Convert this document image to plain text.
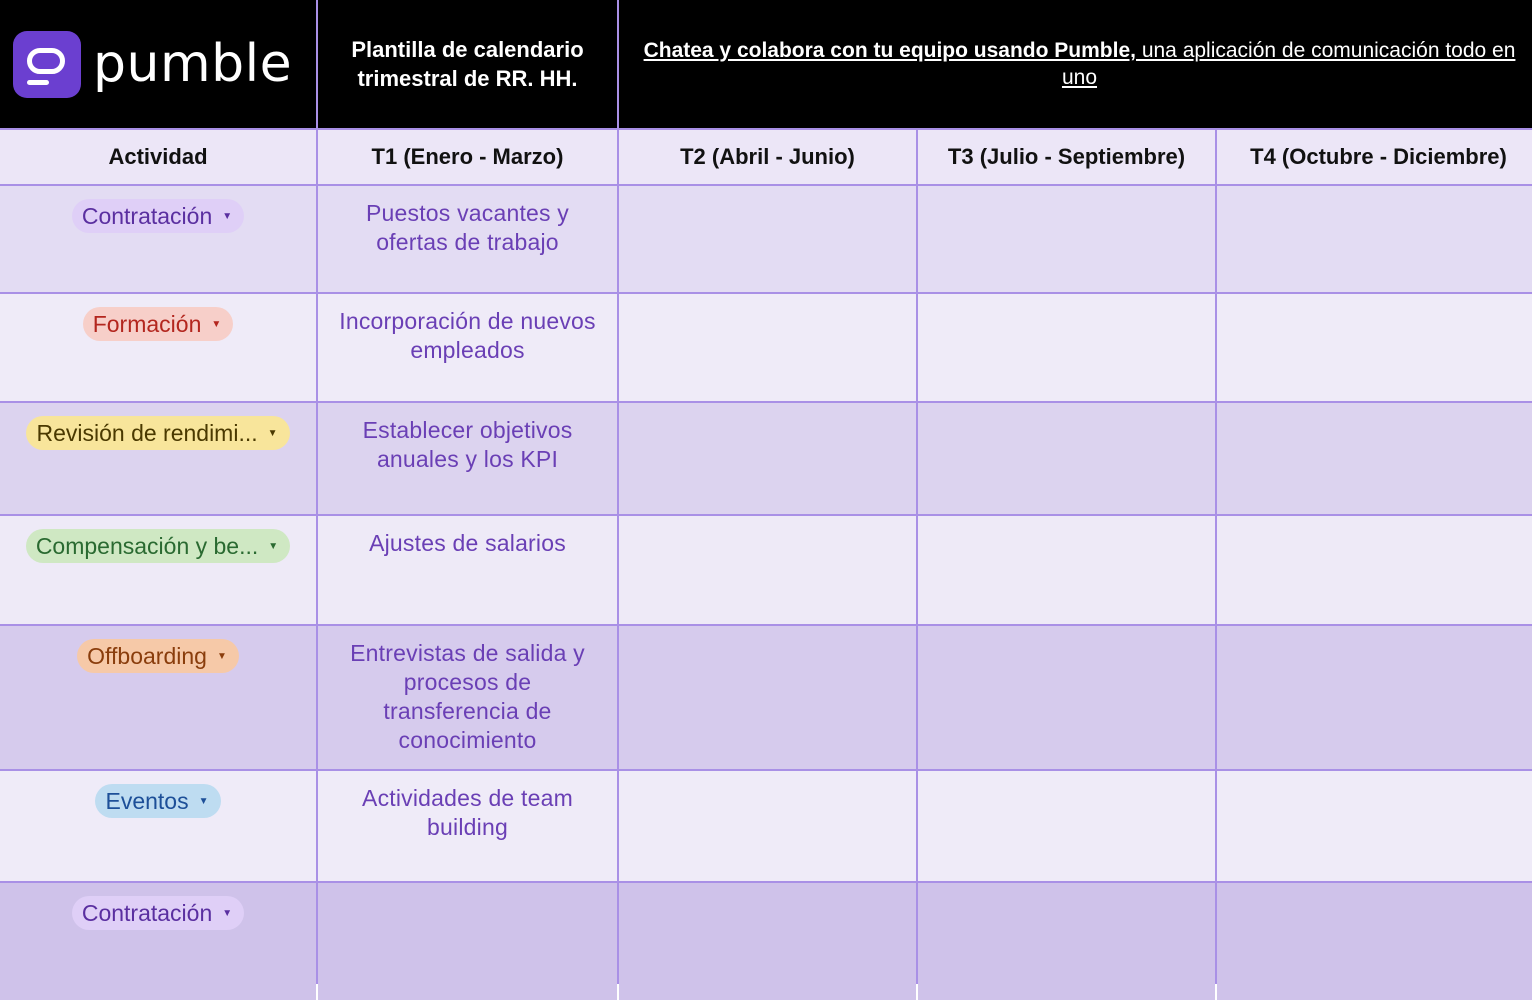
pumble	Plantilla de calendario trimestral de RR. HH.
Chatea y colabora con tu equipo usando Pumble, una aplicación de comunicación todo en uno
Actividad	T1 (Enero - Marzo)	T2 (Abril - Junio)	T3 (Julio - Septiembre)	T4 (Octubre - Diciembre)
Contratación ▼	Puestos vacantes y ofertas de trabajo
Formación ▼	Incorporación de nuevos empleados
Revisión de rendimi... ▼	Establecer objetivos anuales y los KPI
Compensación y be... ▼	Ajustes de salarios
Offboarding ▼	Entrevistas de salida y procesos de transferencia de conocimiento
Eventos ▼	Actividades de team building
Contratación ▼
